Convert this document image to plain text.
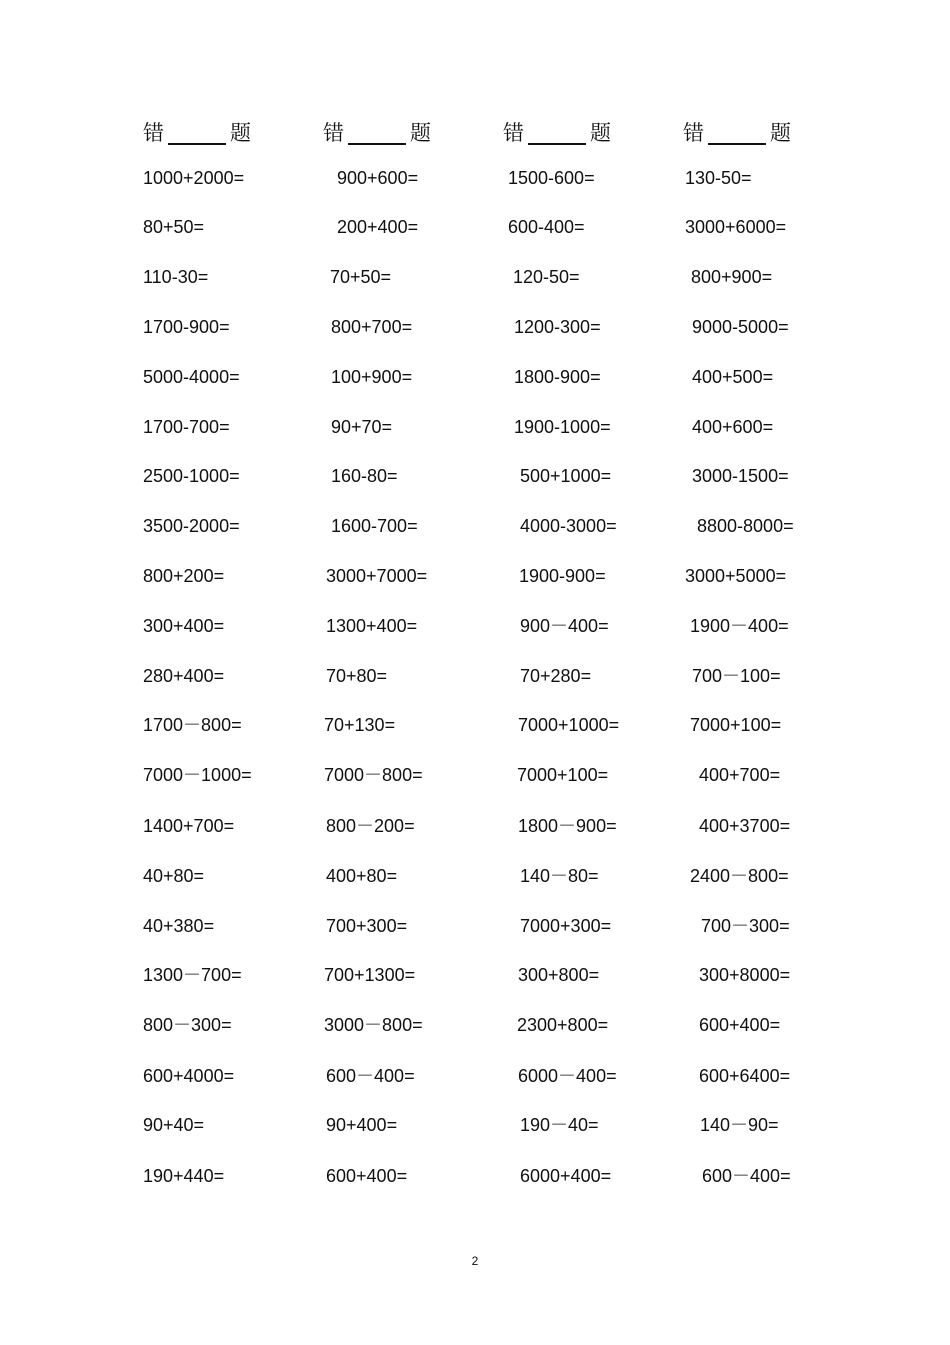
错	题	错	题	错	题	错	题
1000+2000=	900+600=	1500-600=	130-50=
80+50=	200+400=	600-400=	3000+6000=
110-30=	70+50=	120-50=	800+900=
1700-900=	800+700=	1200-300=	9000-5000=
5000-4000=	100+900=	1800-900=	400+500=
1700-700=	90+70=	1900-1000=	400+600=
2500-1000=	160-80=	500+1000=	3000-1500=
3500-2000=	1600-700=	4000-3000=	8800-8000=
800+200=	3000+7000=	1900-900=	3000+5000=
300+400=	1300+400=	900－400=	1900－400=
280+400=	70+80=	70+280=	700－100=
1700－800=	70+130=	7000+1000=	7000+100=
7000－1000=	7000－800=	7000+100=	400+700=
1400+700=	800－200=	1800－900=	400+3700=
40+80=	400+80=	140－80=	2400－800=
40+380=	700+300=	7000+300=	700－300=
1300－700=	700+1300=	300+800=	300+8000=
800－300=	3000－800=	2300+800=	600+400=
600+4000=	600－400=	6000－400=	600+6400=
90+40=	90+400=	190－40=	140－90=
190+440=	600+400=	6000+400=	600－400=
2
